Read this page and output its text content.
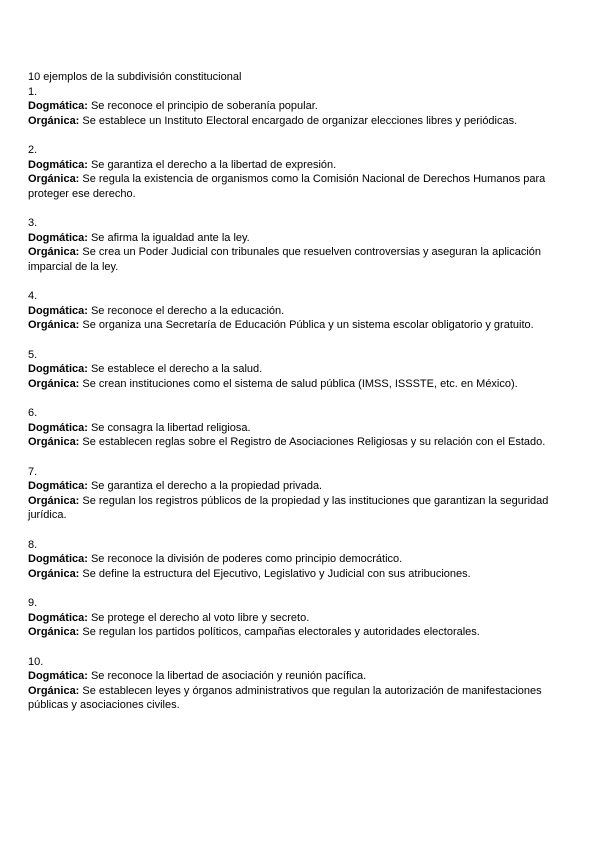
10 ejemplos de la subdivisión constitucional
1.
Dogmática: Se reconoce el principio de soberanía popular.
Orgánica: Se establece un Instituto Electoral encargado de organizar elecciones libres y periódicas.
2.
Dogmática: Se garantiza el derecho a la libertad de expresión.
Orgánica: Se regula la existencia de organismos como la Comisión Nacional de Derechos Humanos para proteger ese derecho.
3.
Dogmática: Se afirma la igualdad ante la ley.
Orgánica: Se crea un Poder Judicial con tribunales que resuelven controversias y aseguran la aplicación imparcial de la ley.
4.
Dogmática: Se reconoce el derecho a la educación.
Orgánica: Se organiza una Secretaría de Educación Pública y un sistema escolar obligatorio y gratuito.
5.
Dogmática: Se establece el derecho a la salud.
Orgánica: Se crean instituciones como el sistema de salud pública (IMSS, ISSSTE, etc. en México).
6.
Dogmática: Se consagra la libertad religiosa.
Orgánica: Se establecen reglas sobre el Registro de Asociaciones Religiosas y su relación con el Estado.
7.
Dogmática: Se garantiza el derecho a la propiedad privada.
Orgánica: Se regulan los registros públicos de la propiedad y las instituciones que garantizan la seguridad jurídica.
8.
Dogmática: Se reconoce la división de poderes como principio democrático.
Orgánica: Se define la estructura del Ejecutivo, Legislativo y Judicial con sus atribuciones.
9.
Dogmática: Se protege el derecho al voto libre y secreto.
Orgánica: Se regulan los partidos políticos, campañas electorales y autoridades electorales.
10.
Dogmática: Se reconoce la libertad de asociación y reunión pacífica.
Orgánica: Se establecen leyes y órganos administrativos que regulan la autorización de manifestaciones públicas y asociaciones civiles.
